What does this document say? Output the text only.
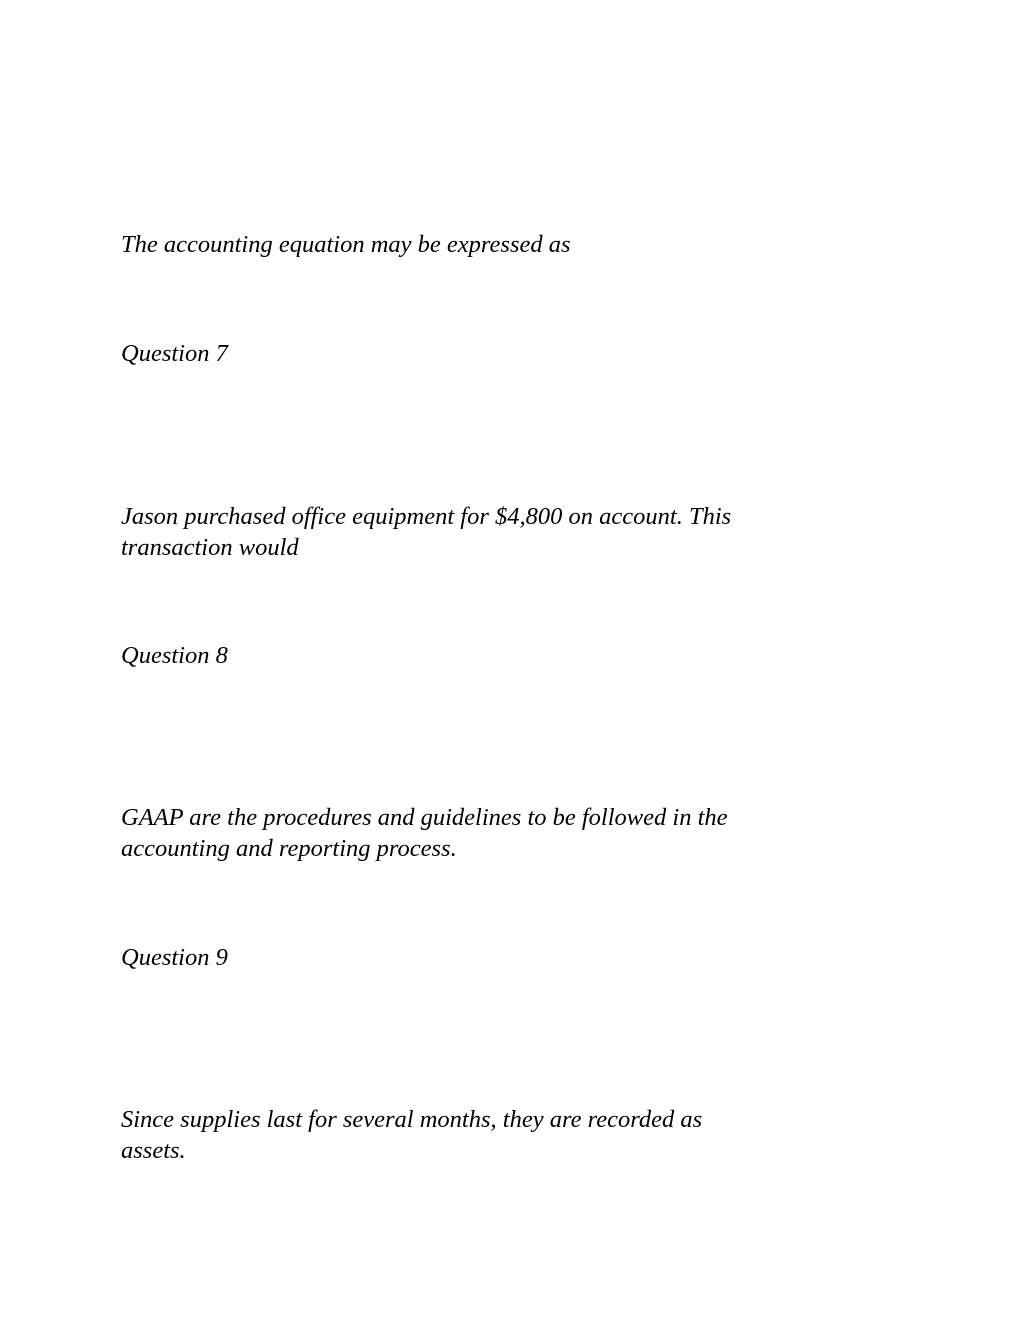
The accounting equation may be expressed as

Question 7

Jason purchased office equipment for $4,800 on account. This
transaction would

Question 8

GAAP are the procedures and guidelines to be followed in the
accounting and reporting process.

Question 9

Since supplies last for several months, they are recorded as
assets.
